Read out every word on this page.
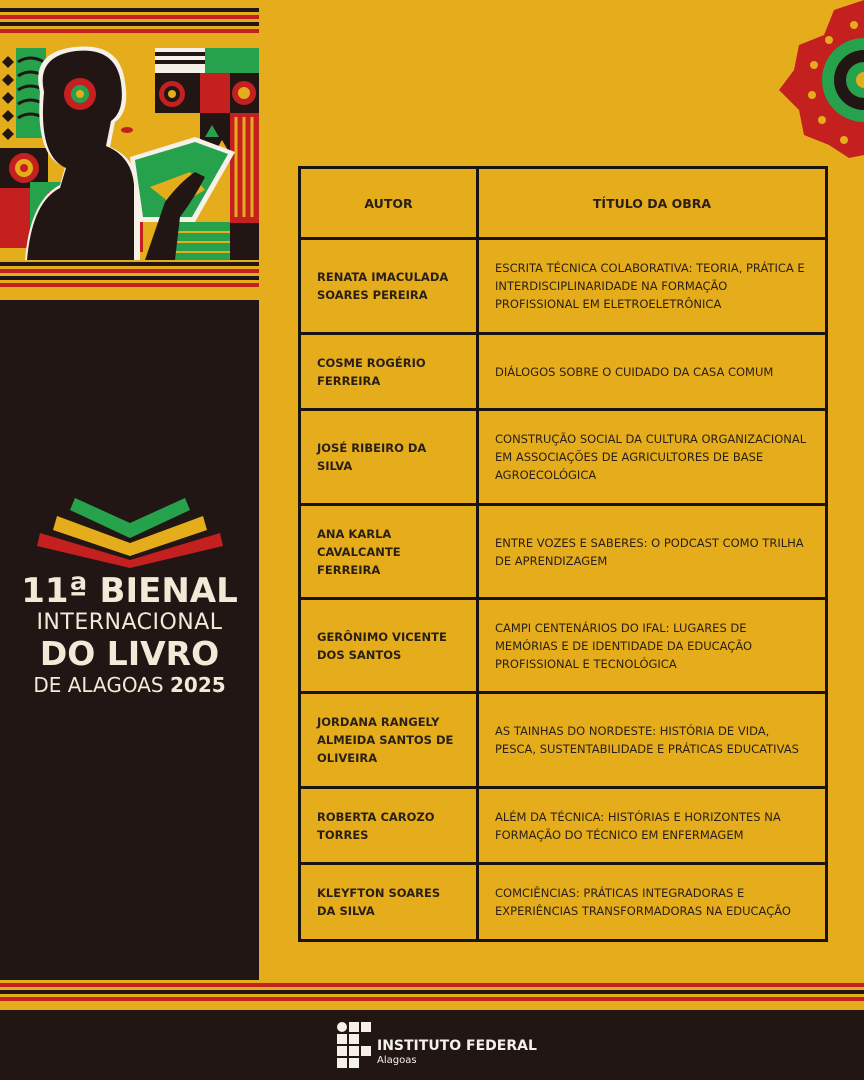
11ª BIENAL
INTERNACIONAL
DO LIVRO
DE ALAGOAS 2025
AUTOR	TÍTULO DA OBRA
RENATA IMACULADA SOARES PEREIRA	ESCRITA TÉCNICA COLABORATIVA: TEORIA, PRÁTICA E INTERDISCIPLINARIDADE NA FORMAÇÃO PROFISSIONAL EM ELETROELETRÔNICA
COSME ROGÉRIO FERREIRA	DIÁLOGOS SOBRE O CUIDADO DA CASA COMUM
JOSÉ RIBEIRO DA SILVA	CONSTRUÇÃO SOCIAL DA CULTURA ORGANIZACIONAL EM ASSOCIAÇÕES DE AGRICULTORES DE BASE AGROECOLÓGICA
ANA KARLA CAVALCANTE FERREIRA	ENTRE VOZES E SABERES: O PODCAST COMO TRILHA DE APRENDIZAGEM
GERÔNIMO VICENTE DOS SANTOS	CAMPI CENTENÁRIOS DO IFAL: LUGARES DE MEMÓRIAS E DE IDENTIDADE DA EDUCAÇÃO PROFISSIONAL E TECNOLÓGICA
JORDANA RANGELY ALMEIDA SANTOS DE OLIVEIRA	AS TAINHAS DO NORDESTE: HISTÓRIA DE VIDA, PESCA, SUSTENTABILIDADE E PRÁTICAS EDUCATIVAS
ROBERTA CAROZO TORRES	ALÉM DA TÉCNICA: HISTÓRIAS E HORIZONTES NA FORMAÇÃO DO TÉCNICO EM ENFERMAGEM
KLEYFTON SOARES DA SILVA	COMCIÊNCIAS: PRÁTICAS INTEGRADORAS E EXPERIÊNCIAS TRANSFORMADORAS NA EDUCAÇÃO
INSTITUTO FEDERAL
Alagoas
